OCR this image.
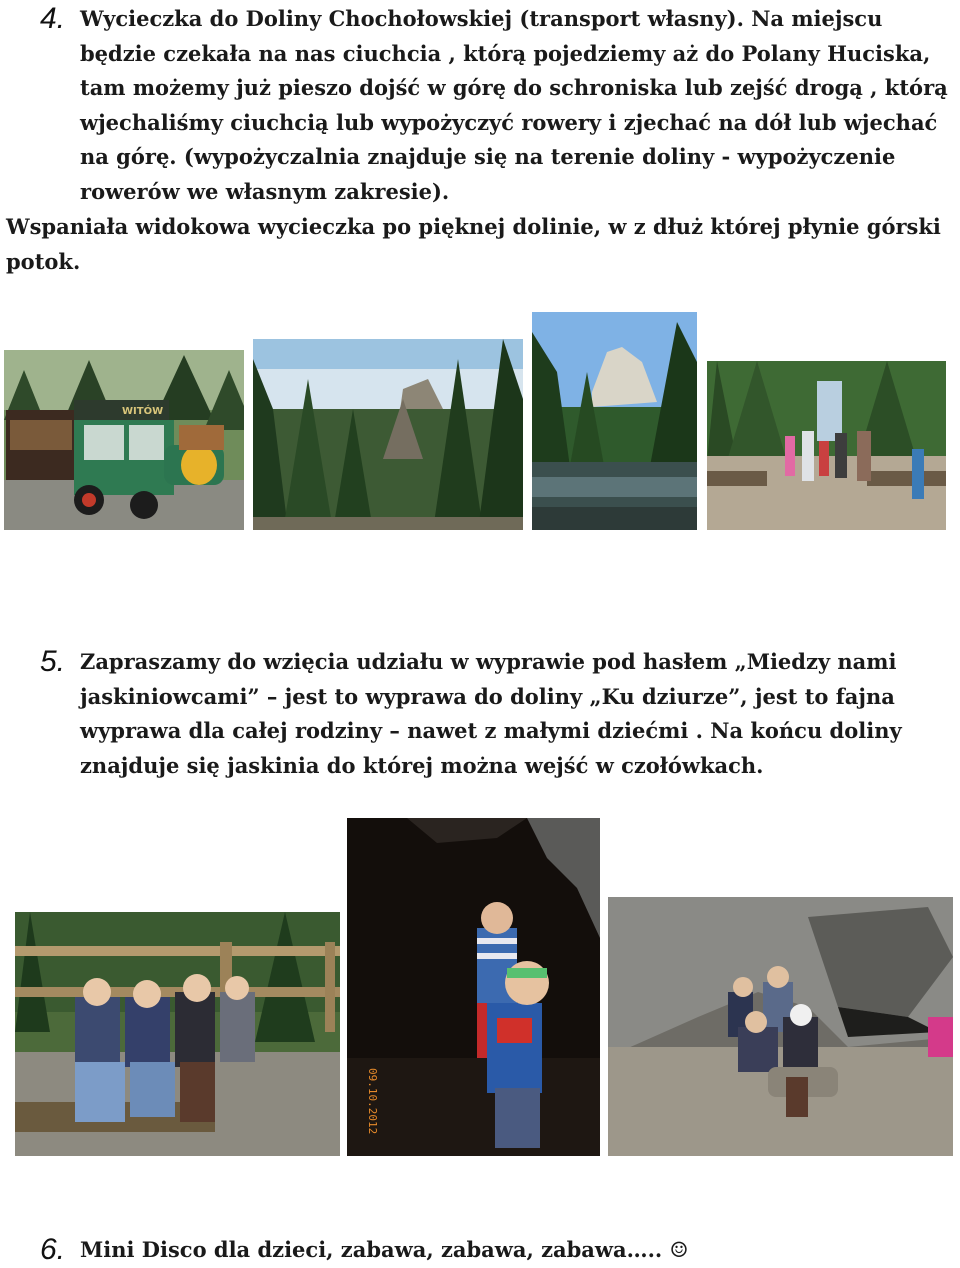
4. Wycieczka do Doliny Chochołowskiej (transport własny). Na miejscu
będzie czekała na nas ciuchcia , którą pojedziemy aż do Polany Huciska,
tam możemy już pieszo dojść w górę do schroniska lub zejść drogą , którą
wjechaliśmy ciuchcią lub wypożyczyć rowery i zjechać na dół lub wjechać
na górę. (wypożyczalnia znajduje się na terenie doliny - wypożyczenie
rowerów we własnym zakresie).
Wspaniała widokowa wycieczka po pięknej dolinie, w z dłuż której płynie górski
potok.
WITÓW
5. Zapraszamy do wzięcia udziału w wyprawie pod hasłem „Miedzy nami
jaskiniowcami” – jest to wyprawa do doliny „Ku dziurze”, jest to fajna
wyprawa dla całej rodziny – nawet z małymi dziećmi . Na końcu doliny
znajduje się jaskinia do której można wejść w czołówkach.
09.10.2012
6. Mini Disco dla dzieci, zabawa, zabawa, zabawa….. ☺
